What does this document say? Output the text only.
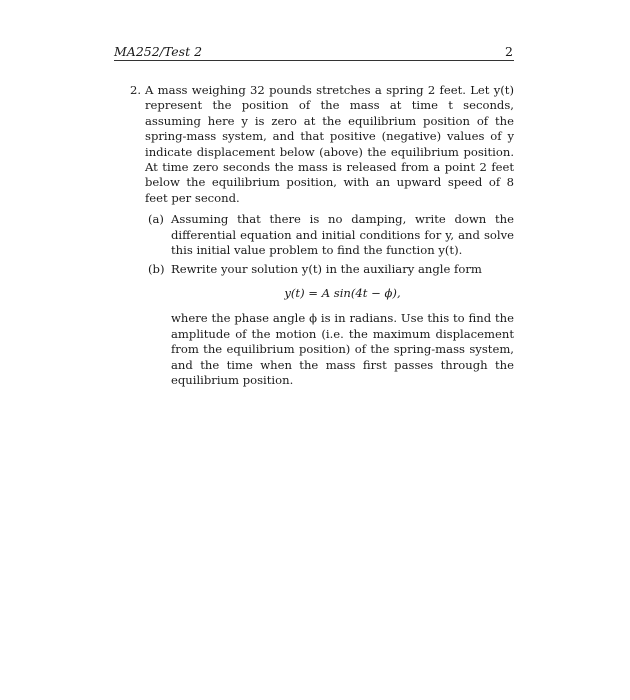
MA252/Test 2	2
2. A mass weighing 32 pounds stretches a spring 2 feet. Let y(t) represent the position of the mass at time t seconds, assuming here y is zero at the equilibrium position of the spring-mass system, and that positive (negative) values of y indicate displacement below (above) the equilibrium position. At time zero seconds the mass is released from a point 2 feet below the equilibrium position, with an upward speed of 8 feet per second.
(a) Assuming that there is no damping, write down the differential equation and initial conditions for y, and solve this initial value problem to find the function y(t).
(b) Rewrite your solution y(t) in the auxiliary angle form
y(t) = A sin(4t − ϕ),
where the phase angle ϕ is in radians. Use this to find the amplitude of the motion (i.e. the maximum displacement from the equilibrium position) of the spring-mass system, and the time when the mass first passes through the equilibrium position.
